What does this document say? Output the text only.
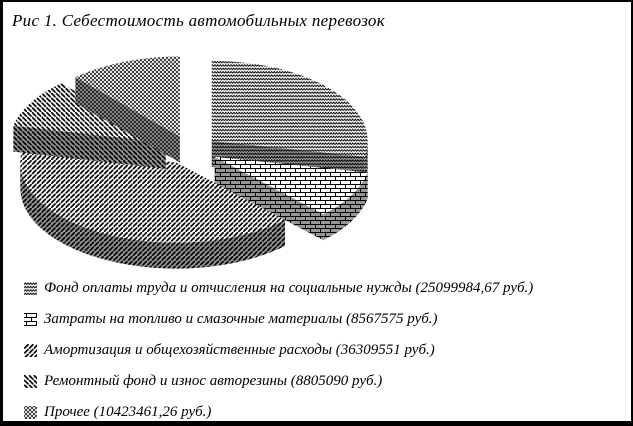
Рис 1. Себестоимость автомобильных перевозок
Фонд оплаты труда и отчисления на социальные нужды (25099984,67 руб.)
Затраты на топливо и смазочные материалы (8567575 руб.)
Амортизация и общехозяйственные расходы (36309551 руб.)
Ремонтный фонд и износ авторезины (8805090 руб.)
Прочее (10423461,26 руб.)
